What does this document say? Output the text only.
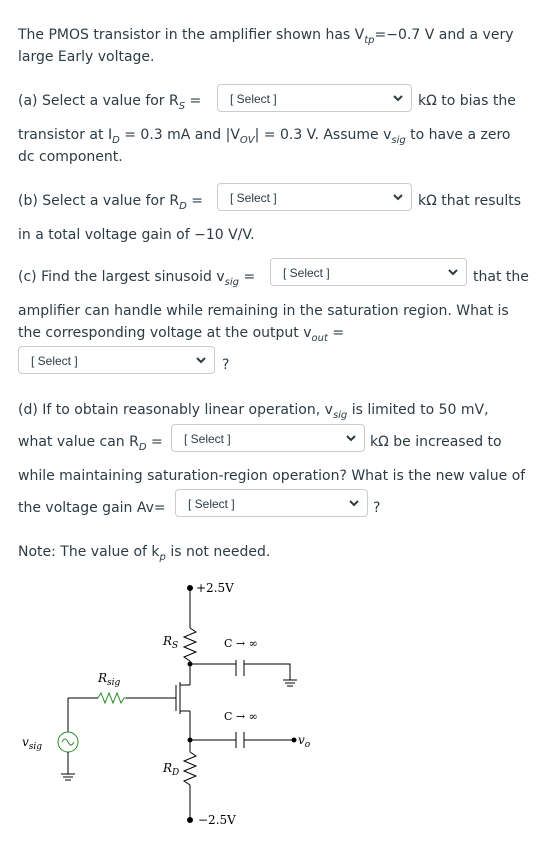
The PMOS transistor in the amplifier shown has $V_{tp}=-0.7$ V and a very
large Early voltage.
(a) Select a value for $R_S$ = [ Select ]	kΩ to bias the
transistor at $I_D = 0.3$ mA and $|V_{OV}| = 0.3$ V. Assume $v_{sig}$ to have a zero
dc component.
(b) Select a value for $R_D$ = [ Select ]	kΩ that results
in a total voltage gain of −10 V/V.
(c) Find the largest sinusoid $v_{sig}$ = [ Select ]	that the
amplifier can handle while remaining in the saturation region. What is
the corresponding voltage at the output $v_{out}$ =
[ Select ]	?
(d) If to obtain reasonably linear operation, $v_{sig}$ is limited to 50 mV,
what value can $R_D$ = [ Select ]	kΩ be increased to
while maintaining saturation-region operation? What is the new value of
the voltage gain Av= [ Select ]	?
Note: The value of $k_p$ is not needed.
+2.5V
−2.5V
$R_S$
$R_D$
$R_{sig}$
$v_{sig}$
C → ∞
C → ∞
$v_o$
